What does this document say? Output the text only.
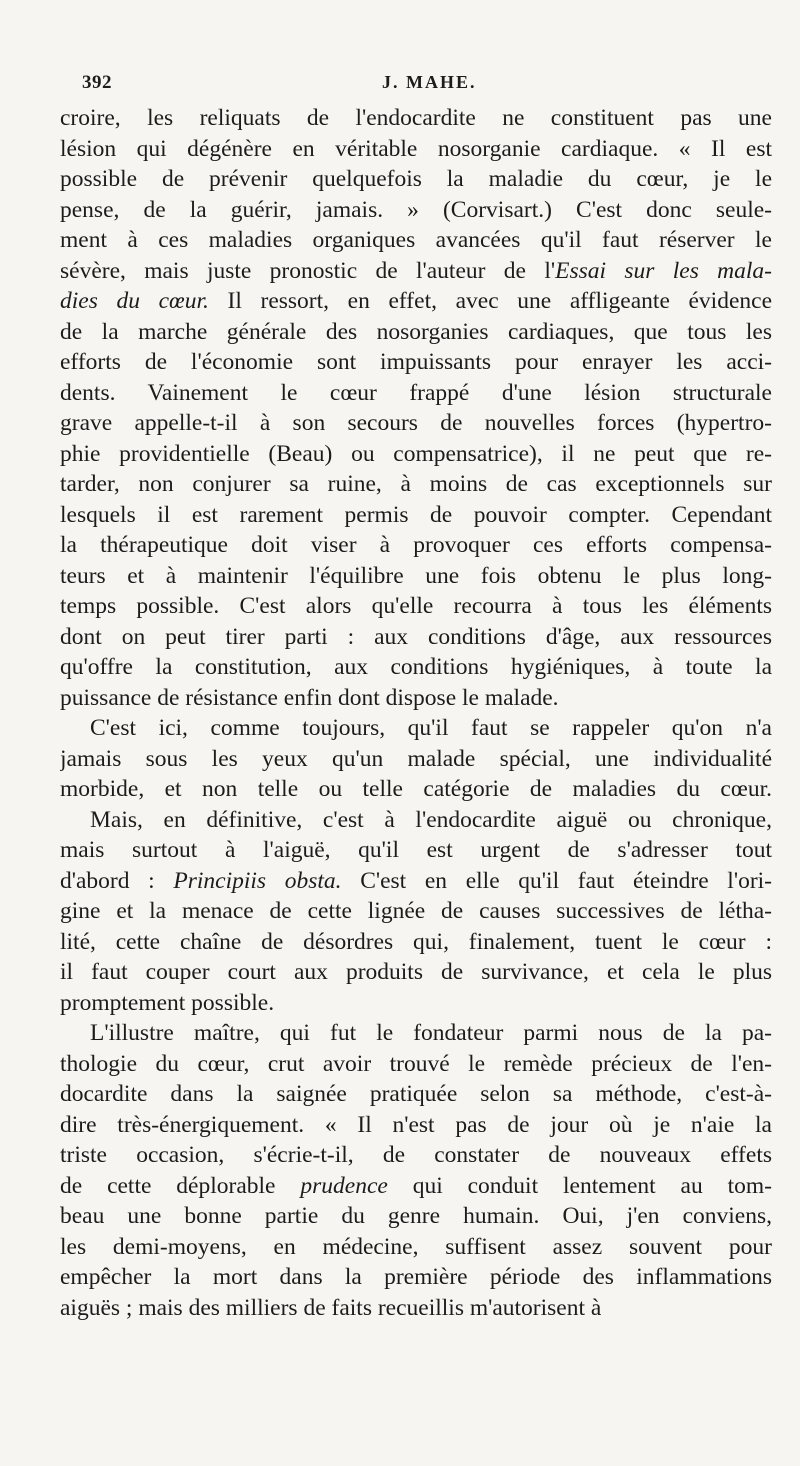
392	J. MAHE.
croire, les reliquats de l'endocardite ne constituent pas une
lésion qui dégénère en véritable nosorganie cardiaque. « Il est
possible de prévenir quelquefois la maladie du cœur, je le
pense, de la guérir, jamais. » (Corvisart.) C'est donc seule-
ment à ces maladies organiques avancées qu'il faut réserver le
sévère, mais juste pronostic de l'auteur de l'Essai sur les mala-
dies du cœur. Il ressort, en effet, avec une affligeante évidence
de la marche générale des nosorganies cardiaques, que tous les
efforts de l'économie sont impuissants pour enrayer les acci-
dents. Vainement le cœur frappé d'une lésion structurale
grave appelle-t-il à son secours de nouvelles forces (hypertro-
phie providentielle (Beau) ou compensatrice), il ne peut que re-
tarder, non conjurer sa ruine, à moins de cas exceptionnels sur
lesquels il est rarement permis de pouvoir compter. Cependant
la thérapeutique doit viser à provoquer ces efforts compensa-
teurs et à maintenir l'équilibre une fois obtenu le plus long-
temps possible. C'est alors qu'elle recourra à tous les éléments
dont on peut tirer parti : aux conditions d'âge, aux ressources
qu'offre la constitution, aux conditions hygiéniques, à toute la
puissance de résistance enfin dont dispose le malade.
C'est ici, comme toujours, qu'il faut se rappeler qu'on n'a
jamais sous les yeux qu'un malade spécial, une individualité
morbide, et non telle ou telle catégorie de maladies du cœur.
Mais, en définitive, c'est à l'endocardite aiguë ou chronique,
mais surtout à l'aiguë, qu'il est urgent de s'adresser tout
d'abord : Principiis obsta. C'est en elle qu'il faut éteindre l'ori-
gine et la menace de cette lignée de causes successives de létha-
lité, cette chaîne de désordres qui, finalement, tuent le cœur :
il faut couper court aux produits de survivance, et cela le plus
promptement possible.
L'illustre maître, qui fut le fondateur parmi nous de la pa-
thologie du cœur, crut avoir trouvé le remède précieux de l'en-
docardite dans la saignée pratiquée selon sa méthode, c'est-à-
dire très-énergiquement. « Il n'est pas de jour où je n'aie la
triste occasion, s'écrie-t-il, de constater de nouveaux effets
de cette déplorable prudence qui conduit lentement au tom-
beau une bonne partie du genre humain. Oui, j'en conviens,
les demi-moyens, en médecine, suffisent assez souvent pour
empêcher la mort dans la première période des inflammations
aiguës ; mais des milliers de faits recueillis m'autorisent à
